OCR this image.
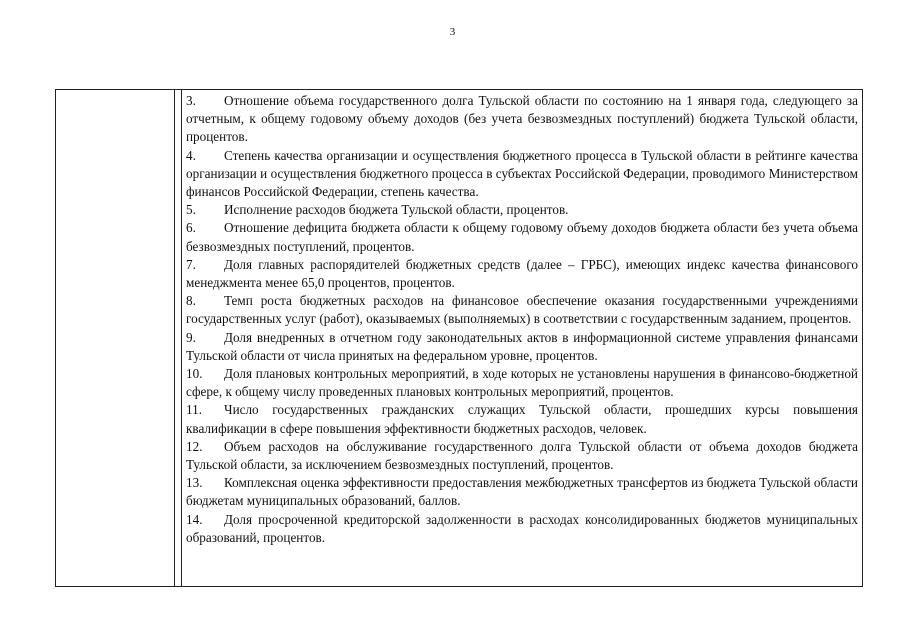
3

3. Отношение объема государственного долга Тульской области по состоянию на 1 января года, следующего за отчетным, к общему годовому объему доходов (без учета безвозмездных поступлений) бюджета Тульской области, процентов.

4. Степень качества организации и осуществления бюджетного процесса в Тульской области в рейтинге качества организации и осуществления бюджетного процесса в субъектах Российской Федерации, проводимого Министерством финансов Российской Федерации, степень качества.

5. Исполнение расходов бюджета Тульской области, процентов.

6. Отношение дефицита бюджета области к общему годовому объему доходов бюджета области без учета объема безвозмездных поступлений, процентов.

7. Доля главных распорядителей бюджетных средств (далее – ГРБС), имеющих индекс качества финансового менеджмента менее 65,0 процентов, процентов.

8. Темп роста бюджетных расходов на финансовое обеспечение оказания государственными учреждениями государственных услуг (работ), оказываемых (выполняемых) в соответствии с государственным заданием, процентов.

9. Доля внедренных в отчетном году законодательных актов в информационной системе управления финансами Тульской области от числа принятых на федеральном уровне, процентов.

10. Доля плановых контрольных мероприятий, в ходе которых не установлены нарушения в финансово-бюджетной сфере, к общему числу проведенных плановых контрольных мероприятий, процентов.

11. Число государственных гражданских служащих Тульской области, прошедших курсы повышения квалификации в сфере повышения эффективности бюджетных расходов, человек.

12. Объем расходов на обслуживание государственного долга Тульской области от объема доходов бюджета Тульской области, за исключением безвозмездных поступлений, процентов.

13. Комплексная оценка эффективности предоставления межбюджетных трансфертов из бюджета Тульской области бюджетам муниципальных образований, баллов.

14. Доля просроченной кредиторской задолженности в расходах консолидированных бюджетов муниципальных образований, процентов.
